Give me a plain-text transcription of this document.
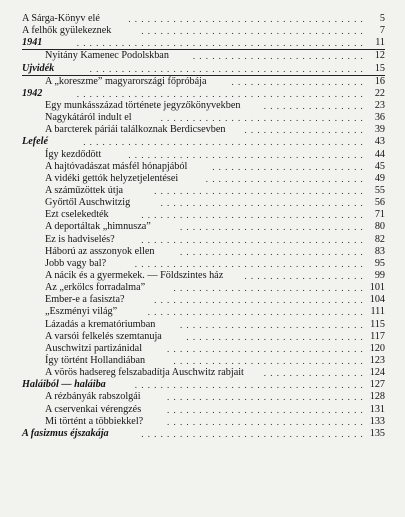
A Sárga-Könyv elé	.....................................	5
A felhők gyülekeznek	...................................	7
1941	............................................. 11
Nyitány Kamenec Podolskban	........................... 12
Ujvidék	........................................... 15
A „koreszme” magyarországi főpróbája	..................... 16
1942	............................................. 22
Egy munkásszázad története jegyzőkönyvekben	................ 23
Nagykátáról indult el	................................ 36
A barcterek páriái találkoznak Berdicsevben ................... 39
Lefelé	............................................ 43
Így kezdődött	..................................... 44
A hajtóvadászat másfél hónapjából	........................ 45
A vidéki gettók helyzetjelentései	......................... 49
A száműzöttek útja	................................. 55
Győrtől Auschwitzig	................................ 56
Ezt cselekedték	................................... 71
A deportáltak „himnusza”	............................. 80
Ez is hadviselés?	................................... 82
Háború az asszonyok ellen	............................. 83
Jobb vagy bal?	.................................... 95
A nácik és a gyermekek. — Földszintes ház ................... 99
Az „erkölcs forradalma”	.............................. 101
Ember-e a fasiszta?	................................. 104
„Eszményi világ”	.................................. 111
Lázadás a krematóriumban	............................. 115
A varsói felkelés szemtanuja	............................ 117
Auschwitzi partizánidal	............................... 120
Így történt Hollandiában	.............................. 123
A vörös hadsereg felszabadítja Auschwitz rabjait ................ 124
Haláiból — haláiba	.................................... 127
A rézbányák rabszolgái	............................... 128
A cservenkai vérengzés	............................... 131
Mi történt a többiekkel?	............................... 133
A fasizmus éjszakája	................................... 135
